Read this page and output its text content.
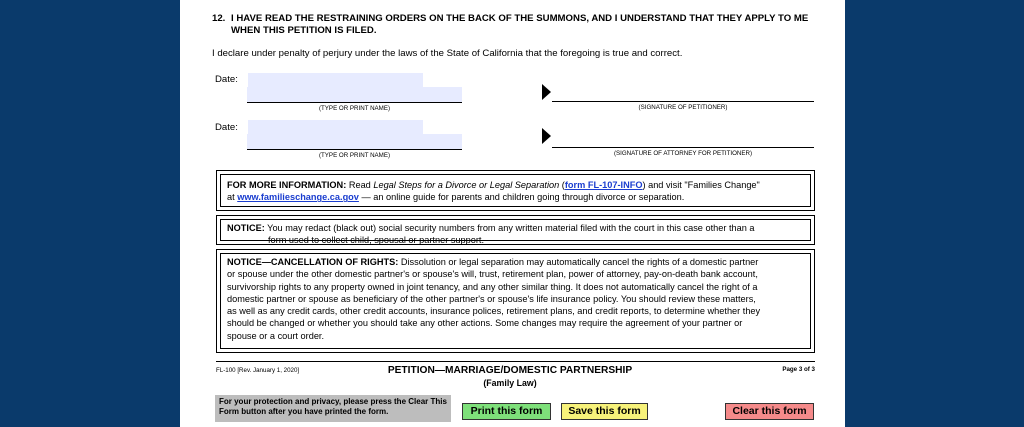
12. I HAVE READ THE RESTRAINING ORDERS ON THE BACK OF THE SUMMONS, AND I UNDERSTAND THAT THEY APPLY TO ME WHEN THIS PETITION IS FILED.
I declare under penalty of perjury under the laws of the State of California that the foregoing is true and correct.
Date:
(TYPE OR PRINT NAME)	(SIGNATURE OF PETITIONER)
Date:
(TYPE OR PRINT NAME)	(SIGNATURE OF ATTORNEY FOR PETITIONER)
FOR MORE INFORMATION: Read Legal Steps for a Divorce or Legal Separation (form FL-107-INFO) and visit "Families Change"
at www.familieschange.ca.gov — an online guide for parents and children going through divorce or separation.
NOTICE: You may redact (black out) social security numbers from any written material filed with the court in this case other than a
form used to collect child, spousal or partner support.
NOTICE—CANCELLATION OF RIGHTS: Dissolution or legal separation may automatically cancel the rights of a domestic partner
or spouse under the other domestic partner's or spouse's will, trust, retirement plan, power of attorney, pay-on-death bank account,
survivorship rights to any property owned in joint tenancy, and any other similar thing. It does not automatically cancel the right of a
domestic partner or spouse as beneficiary of the other partner's or spouse's life insurance policy. You should review these matters,
as well as any credit cards, other credit accounts, insurance polices, retirement plans, and credit reports, to determine whether they
should be changed or whether you should take any other actions. Some changes may require the agreement of your partner or
spouse or a court order.
FL-100 [Rev. January 1, 2020]	PETITION—MARRIAGE/DOMESTIC PARTNERSHIP
(Family Law)
Page 3 of 3
For your protection and privacy, please press the Clear This Form button after you have printed the form.	Print this form	Save this form	Clear this form
